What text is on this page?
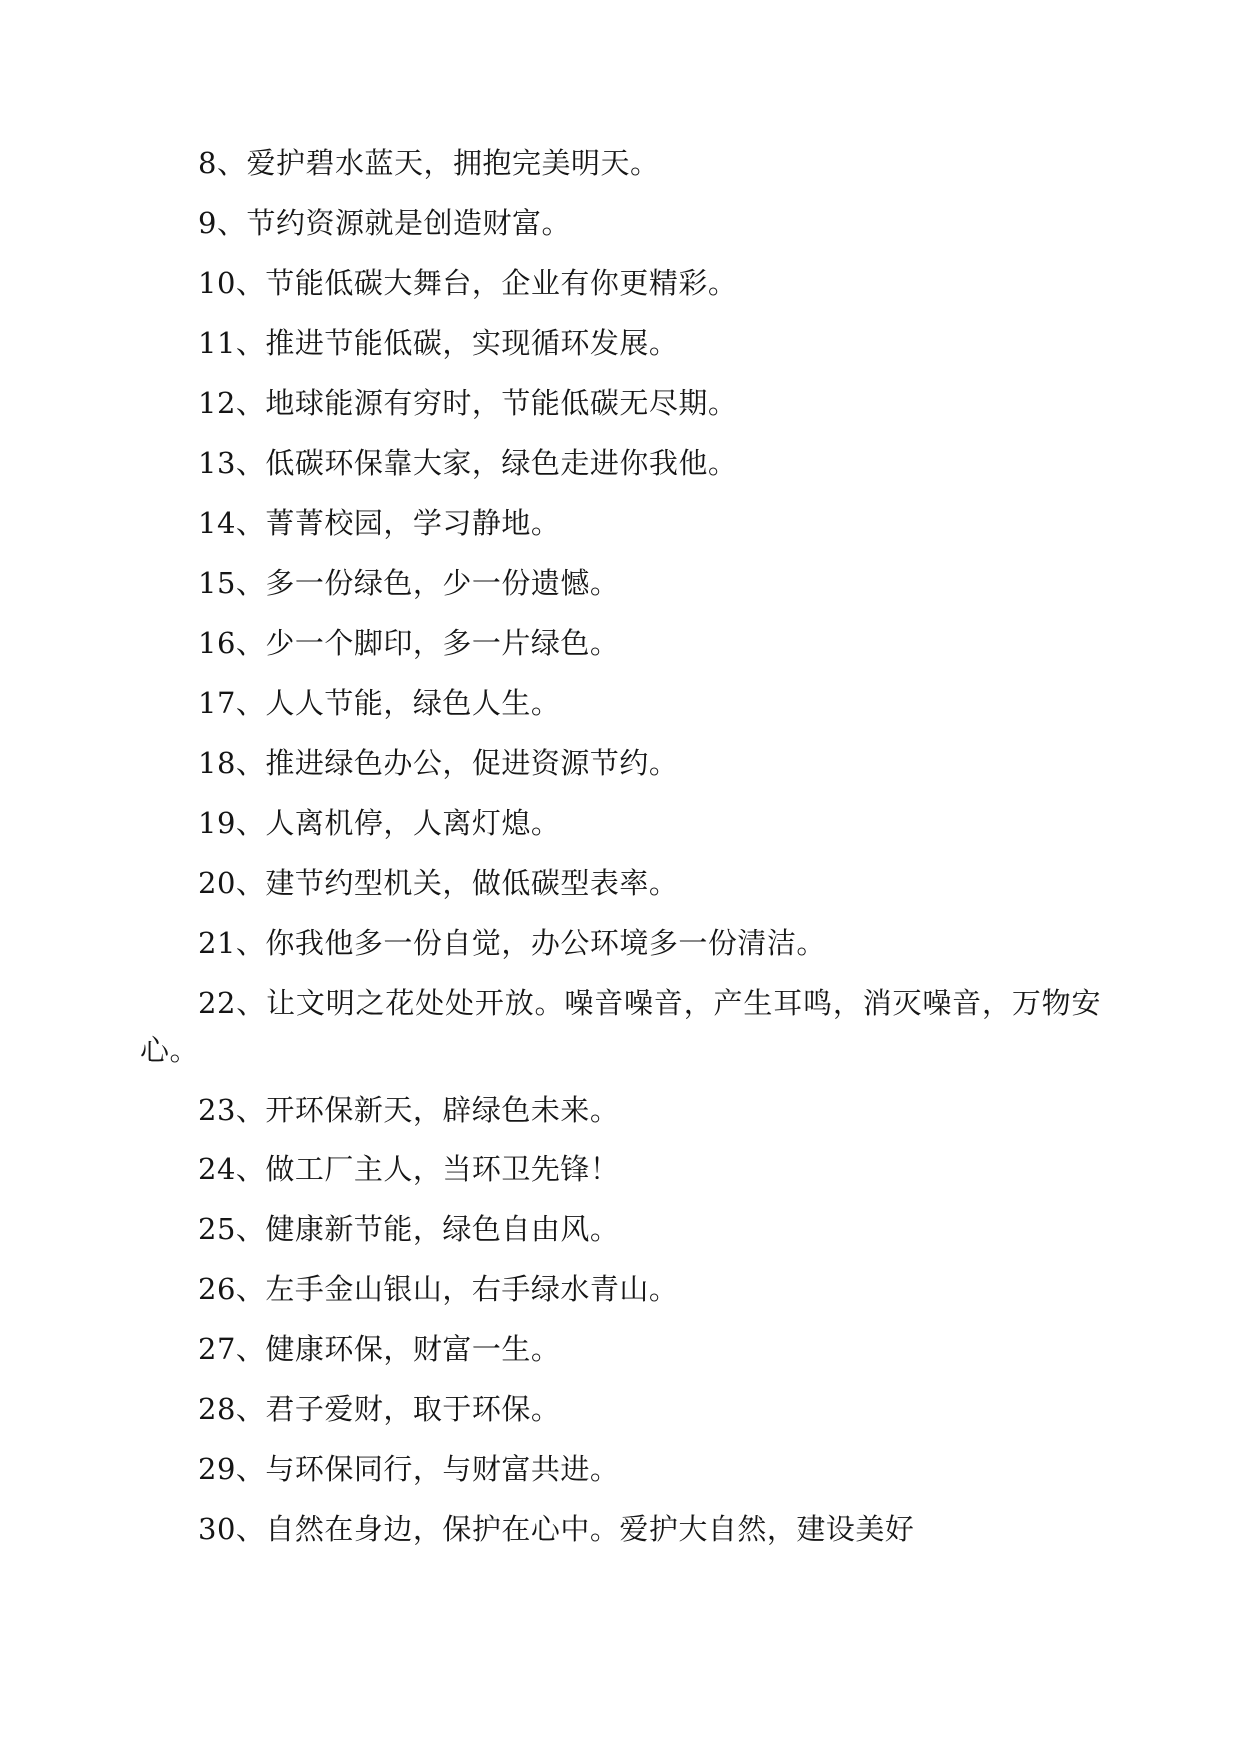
8、爱护碧水蓝天，拥抱完美明天。

9、节约资源就是创造财富。

10、节能低碳大舞台，企业有你更精彩。

11、推进节能低碳，实现循环发展。

12、地球能源有穷时，节能低碳无尽期。

13、低碳环保靠大家，绿色走进你我他。

14、菁菁校园，学习静地。

15、多一份绿色，少一份遗憾。

16、少一个脚印，多一片绿色。

17、人人节能，绿色人生。

18、推进绿色办公，促进资源节约。

19、人离机停，人离灯熄。

20、建节约型机关，做低碳型表率。

21、你我他多一份自觉，办公环境多一份清洁。

22、让文明之花处处开放。噪音噪音，产生耳鸣，消灭噪音，万物安心。

23、开环保新天，辟绿色未来。

24、做工厂主人，当环卫先锋！

25、健康新节能，绿色自由风。

26、左手金山银山，右手绿水青山。

27、健康环保，财富一生。

28、君子爱财，取于环保。

29、与环保同行，与财富共进。

30、自然在身边，保护在心中。爱护大自然，建设美好
